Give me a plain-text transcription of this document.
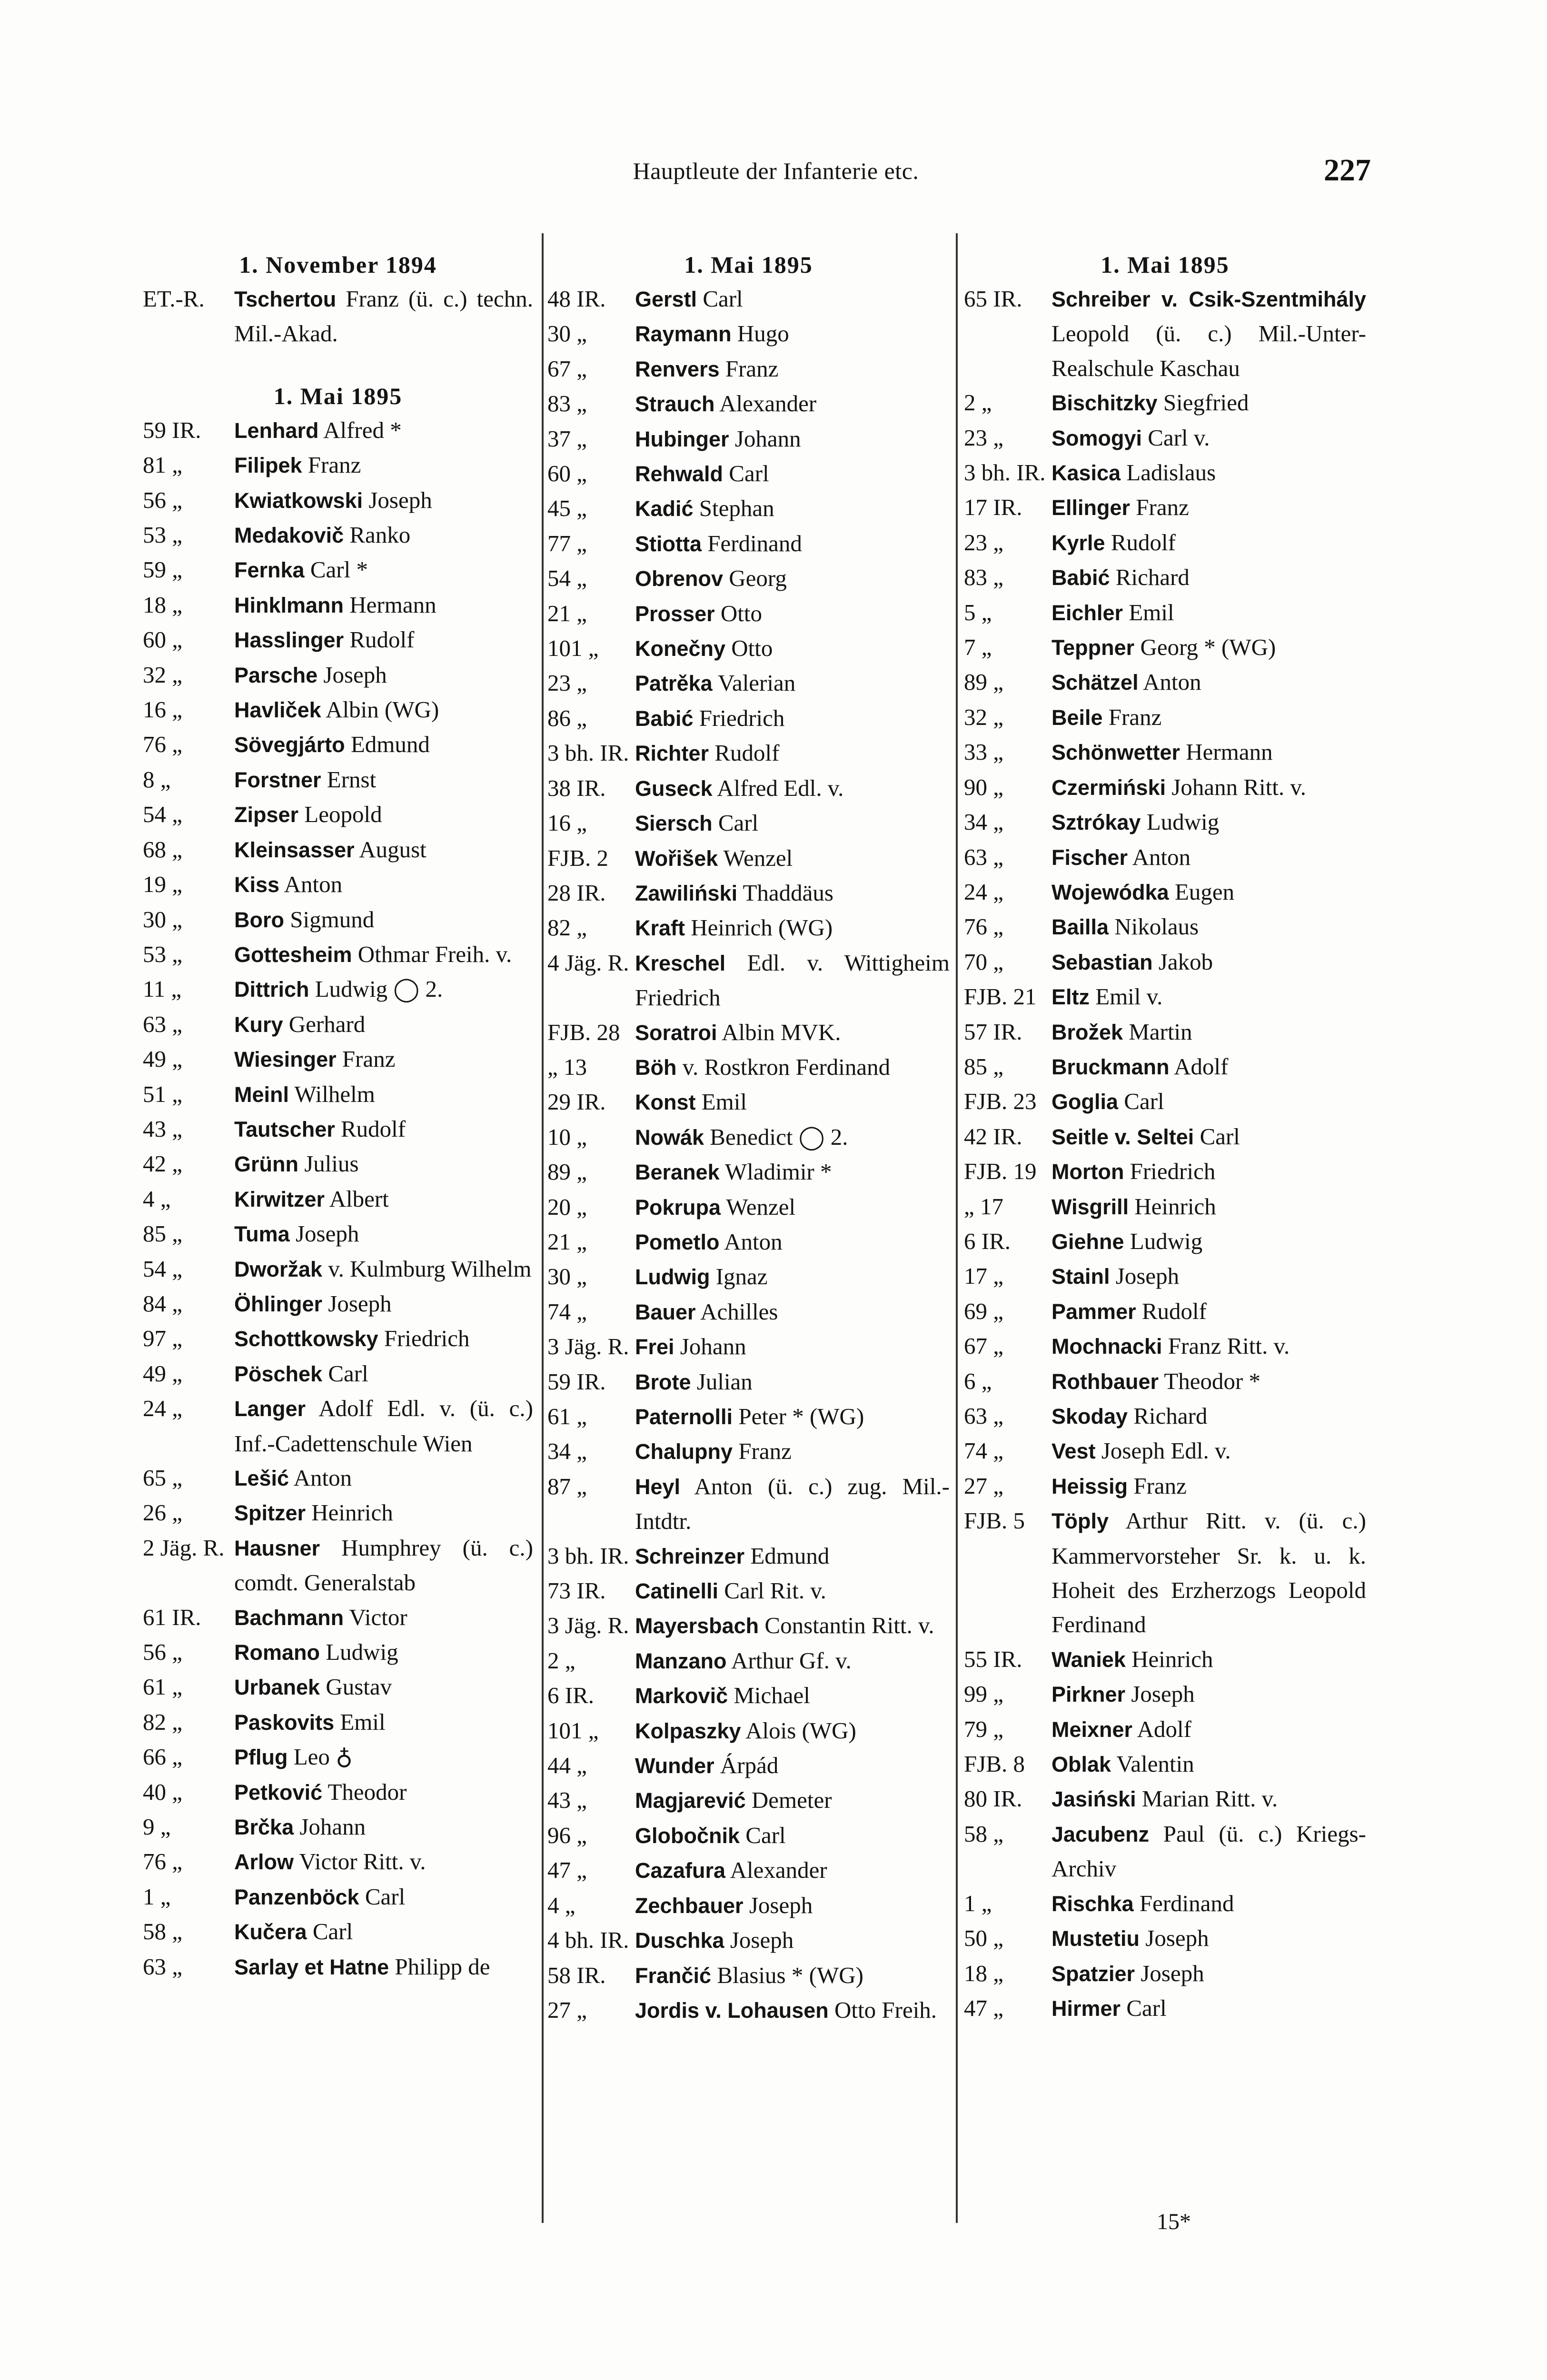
Hauptleute der Infanterie etc.	227
1. November 1894
ET.-R.	Tschertou Franz (ü. c.) techn. Mil.-Akad.
1. Mai 1895
59 IR.	Lenhard Alfred *
81 „	Filipek Franz
56 „	Kwiatkowski Joseph
53 „	Medakovič Ranko
59 „	Fernka Carl *
18 „	Hinklmann Hermann
60 „	Hasslinger Rudolf
32 „	Parsche Joseph
16 „	Havliček Albin (WG)
76 „	Sövegjárto Edmund
8 „	Forstner Ernst
54 „	Zipser Leopold
68 „	Kleinsasser August
19 „	Kiss Anton
30 „	Boro Sigmund
53 „	Gottesheim Othmar Freih. v.
11 „	Dittrich Ludwig ◯ 2.
63 „	Kury Gerhard
49 „	Wiesinger Franz
51 „	Meinl Wilhelm
43 „	Tautscher Rudolf
42 „	Grünn Julius
4 „	Kirwitzer Albert
85 „	Tuma Joseph
54 „	Dworžak v. Kulmburg Wilhelm
84 „	Öhlinger Joseph
97 „	Schottkowsky Friedrich
49 „	Pöschek Carl
24 „	Langer Adolf Edl. v. (ü. c.) Inf.-Cadettenschule Wien
65 „	Lešić Anton
26 „	Spitzer Heinrich
2 Jäg. R. Hausner Humphrey (ü. c.) comdt. Generalstab
61 IR.	Bachmann Victor
56 „	Romano Ludwig
61 „	Urbanek Gustav
82 „	Paskovits Emil
66 „	Pflug Leo ♁
40 „	Petković Theodor
9 „	Brčka Johann
76 „	Arlow Victor Ritt. v.
1 „	Panzenböck Carl
58 „	Kučera Carl
63 „	Sarlay et Hatne Philipp de
1. Mai 1895
48 IR.	Gerstl Carl
30 „	Raymann Hugo
67 „	Renvers Franz
83 „	Strauch Alexander
37 „	Hubinger Johann
60 „	Rehwald Carl
45 „	Kadić Stephan
77 „	Stiotta Ferdinand
54 „	Obrenov Georg
21 „	Prosser Otto
101 „	Konečny Otto
23 „	Patrěka Valerian
86 „	Babić Friedrich
3 bh. IR. Richter Rudolf
38 IR.	Guseck Alfred Edl. v.
16 „	Siersch Carl
FJB. 2	Wořišek Wenzel
28 IR.	Zawiliński Thaddäus
82 „	Kraft Heinrich (WG)
4 Jäg. R. Kreschel Edl. v. Wittigheim Friedrich
FJB. 28 Soratroi Albin MVK.
„ 13	Böh v. Rostkron Ferdinand
29 IR.	Konst Emil
10 „	Nowák Benedict ◯ 2.
89 „	Beranek Wladimir *
20 „	Pokrupa Wenzel
21 „	Pometlo Anton
30 „	Ludwig Ignaz
74 „	Bauer Achilles
3 Jäg. R. Frei Johann
59 IR.	Brote Julian
61 „	Paternolli Peter * (WG)
34 „	Chalupny Franz
87 „	Heyl Anton (ü. c.) zug. Mil.-Intdtr.
3 bh. IR. Schreinzer Edmund
73 IR.	Catinelli Carl Rit. v.
3 Jäg. R. Mayersbach Constantin Ritt. v.
2 „	Manzano Arthur Gf. v.
6 IR.	Markovič Michael
101 „	Kolpaszky Alois (WG)
44 „	Wunder Árpád
43 „	Magjarević Demeter
96 „	Globočnik Carl
47 „	Cazafura Alexander
4 „	Zechbauer Joseph
4 bh. IR. Duschka Joseph
58 IR.	Frančić Blasius * (WG)
27 „	Jordis v. Lohausen Otto Freih.
1. Mai 1895
65 IR.	Schreiber v. Csik-Szentmihály Leopold (ü. c.) Mil.-Unter-Realschule Kaschau
2 „	Bischitzky Siegfried
23 „	Somogyi Carl v.
3 bh. IR. Kasica Ladislaus
17 IR.	Ellinger Franz
23 „	Kyrle Rudolf
83 „	Babić Richard
5 „	Eichler Emil
7 „	Teppner Georg * (WG)
89 „	Schätzel Anton
32 „	Beile Franz
33 „	Schönwetter Hermann
90 „	Czermiński Johann Ritt. v.
34 „	Sztrókay Ludwig
63 „	Fischer Anton
24 „	Wojewódka Eugen
76 „	Bailla Nikolaus
70 „	Sebastian Jakob
FJB. 21 Eltz Emil v.
57 IR.	Brožek Martin
85 „	Bruckmann Adolf
FJB. 23 Goglia Carl
42 IR.	Seitle v. Seltei Carl
FJB. 19 Morton Friedrich
„ 17	Wisgrill Heinrich
6 IR.	Giehne Ludwig
17 „	Stainl Joseph
69 „	Pammer Rudolf
67 „	Mochnacki Franz Ritt. v.
6 „	Rothbauer Theodor *
63 „	Skoday Richard
74 „	Vest Joseph Edl. v.
27 „	Heissig Franz
FJB. 5	Töply Arthur Ritt. v. (ü. c.) Kammervorsteher Sr. k. u. k. Hoheit des Erzherzogs Leopold Ferdinand
55 IR.	Waniek Heinrich
99 „	Pirkner Joseph
79 „	Meixner Adolf
FJB. 8	Oblak Valentin
80 IR.	Jasiński Marian Ritt. v.
58 „	Jacubenz Paul (ü. c.) Kriegs-Archiv
1 „	Rischka Ferdinand
50 „	Mustetiu Joseph
18 „	Spatzier Joseph
47 „	Hirmer Carl
15*
